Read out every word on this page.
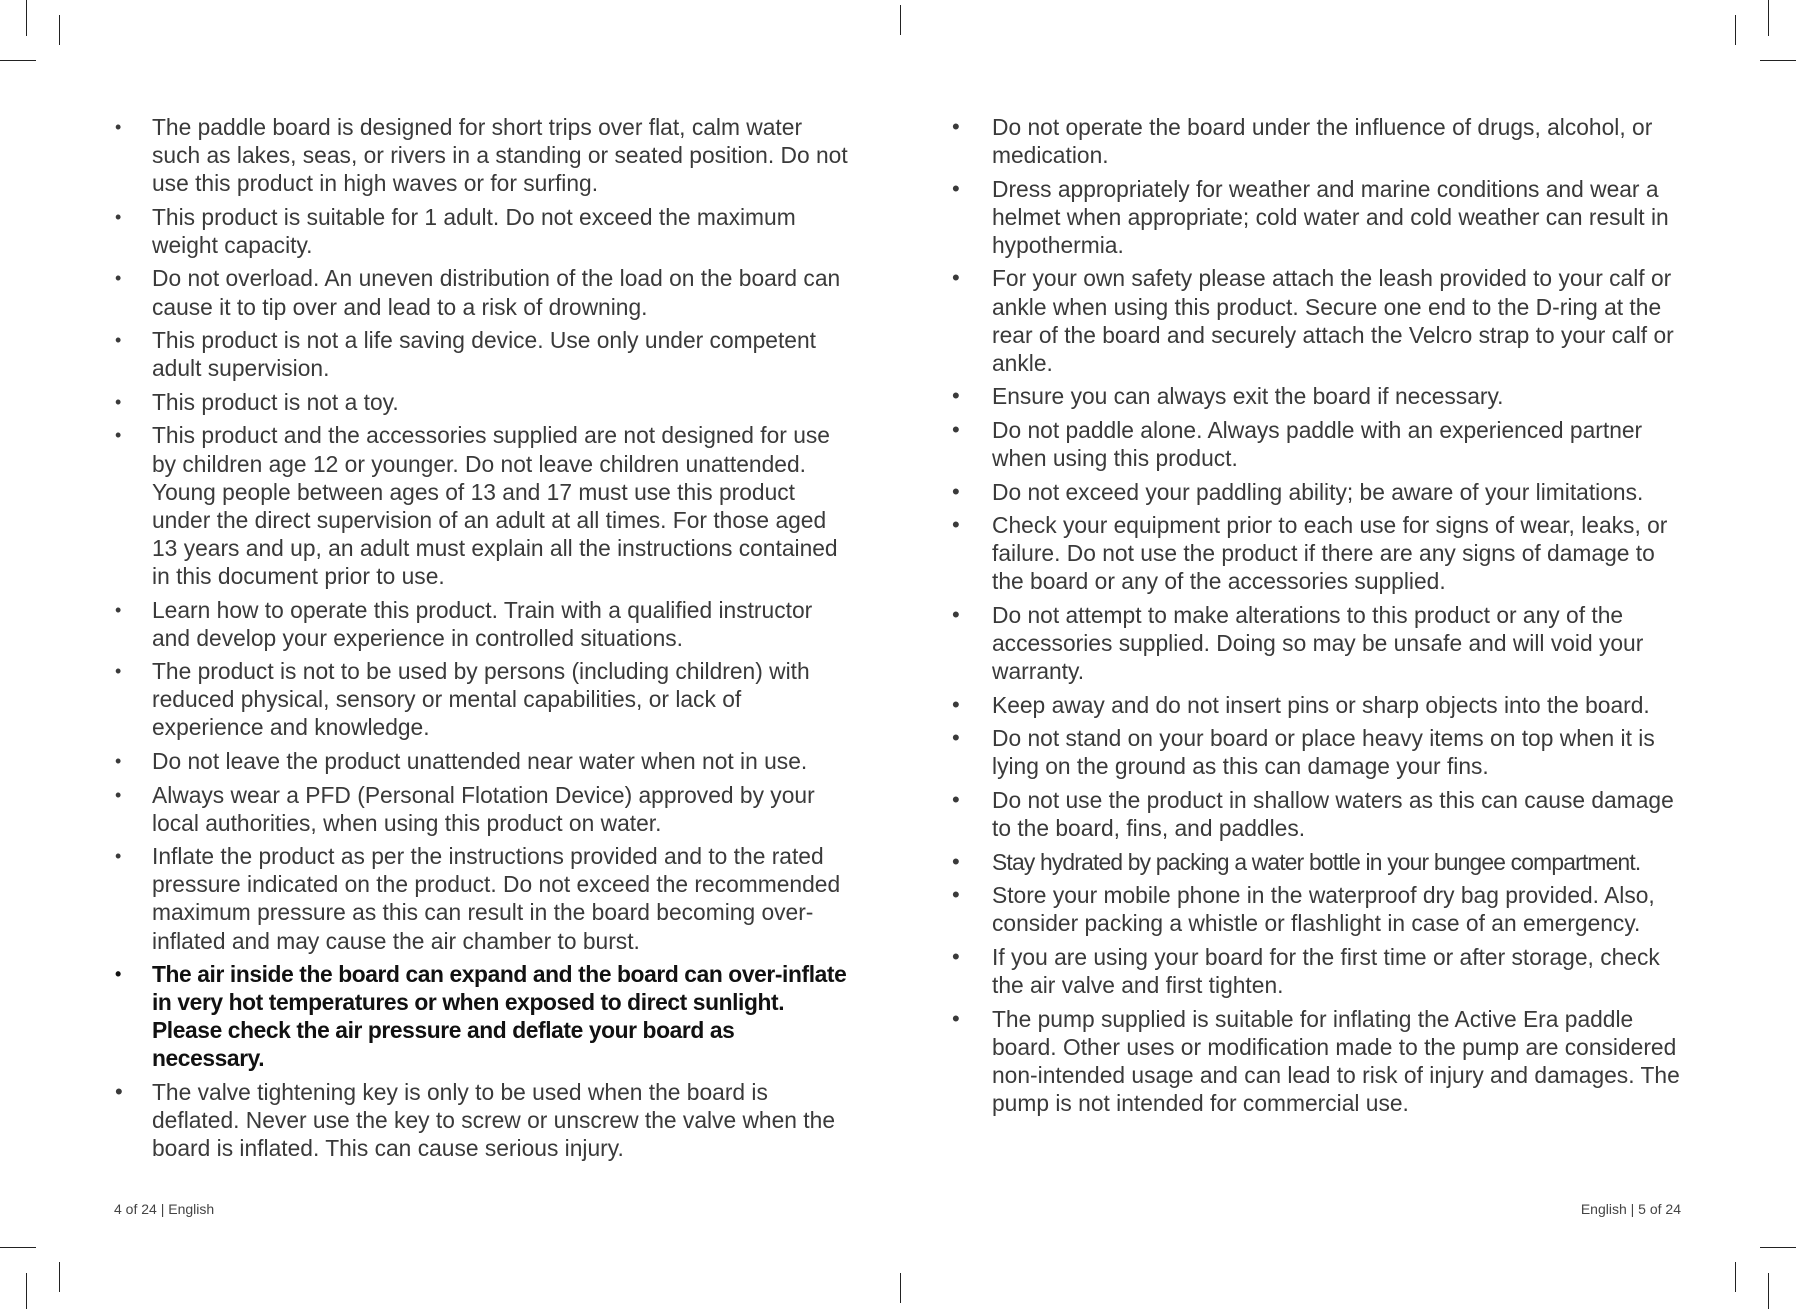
• The paddle board is designed for short trips over flat, calm water such as lakes, seas, or rivers in a standing or seated position. Do not use this product in high waves or for surfing.
• This product is suitable for 1 adult. Do not exceed the maximum weight capacity.
• Do not overload. An uneven distribution of the load on the board can cause it to tip over and lead to a risk of drowning.
• This product is not a life saving device. Use only under competent adult supervision.
• This product is not a toy.
• This product and the accessories supplied are not designed for use by children age 12 or younger. Do not leave children unattended. Young people between ages of 13 and 17 must use this product under the direct supervision of an adult at all times. For those aged 13 years and up, an adult must explain all the instructions contained in this document prior to use.
• Learn how to operate this product. Train with a qualified instructor and develop your experience in controlled situations.
• The product is not to be used by persons (including children) with reduced physical, sensory or mental capabilities, or lack of experience and knowledge.
• Do not leave the product unattended near water when not in use.
• Always wear a PFD (Personal Flotation Device) approved by your local authorities, when using this product on water.
• Inflate the product as per the instructions provided and to the rated pressure indicated on the product. Do not exceed the recommended maximum pressure as this can result in the board becoming over-inflated and may cause the air chamber to burst.
• The air inside the board can expand and the board can over-inflate in very hot temperatures or when exposed to direct sunlight. Please check the air pressure and deflate your board as necessary.
• The valve tightening key is only to be used when the board is deflated. Never use the key to screw or unscrew the valve when the board is inflated. This can cause serious injury.
• Do not operate the board under the influence of drugs, alcohol, or medication.
• Dress appropriately for weather and marine conditions and wear a helmet when appropriate; cold water and cold weather can result in hypothermia.
• For your own safety please attach the leash provided to your calf or ankle when using this product. Secure one end to the D-ring at the rear of the board and securely attach the Velcro strap to your calf or ankle.
• Ensure you can always exit the board if necessary.
• Do not paddle alone. Always paddle with an experienced partner when using this product.
• Do not exceed your paddling ability; be aware of your limitations.
• Check your equipment prior to each use for signs of wear, leaks, or failure. Do not use the product if there are any signs of damage to the board or any of the accessories supplied.
• Do not attempt to make alterations to this product or any of the accessories supplied. Doing so may be unsafe and will void your warranty.
• Keep away and do not insert pins or sharp objects into the board.
• Do not stand on your board or place heavy items on top when it is lying on the ground as this can damage your fins.
• Do not use the product in shallow waters as this can cause damage to the board, fins, and paddles.
• Stay hydrated by packing a water bottle in your bungee compartment.
• Store your mobile phone in the waterproof dry bag provided. Also, consider packing a whistle or flashlight in case of an emergency.
• If you are using your board for the first time or after storage, check the air valve and first tighten.
• The pump supplied is suitable for inflating the Active Era paddle board. Other uses or modification made to the pump are considered non-intended usage and can lead to risk of injury and damages. The pump is not intended for commercial use.
4 of 24 | English	English | 5 of 24
